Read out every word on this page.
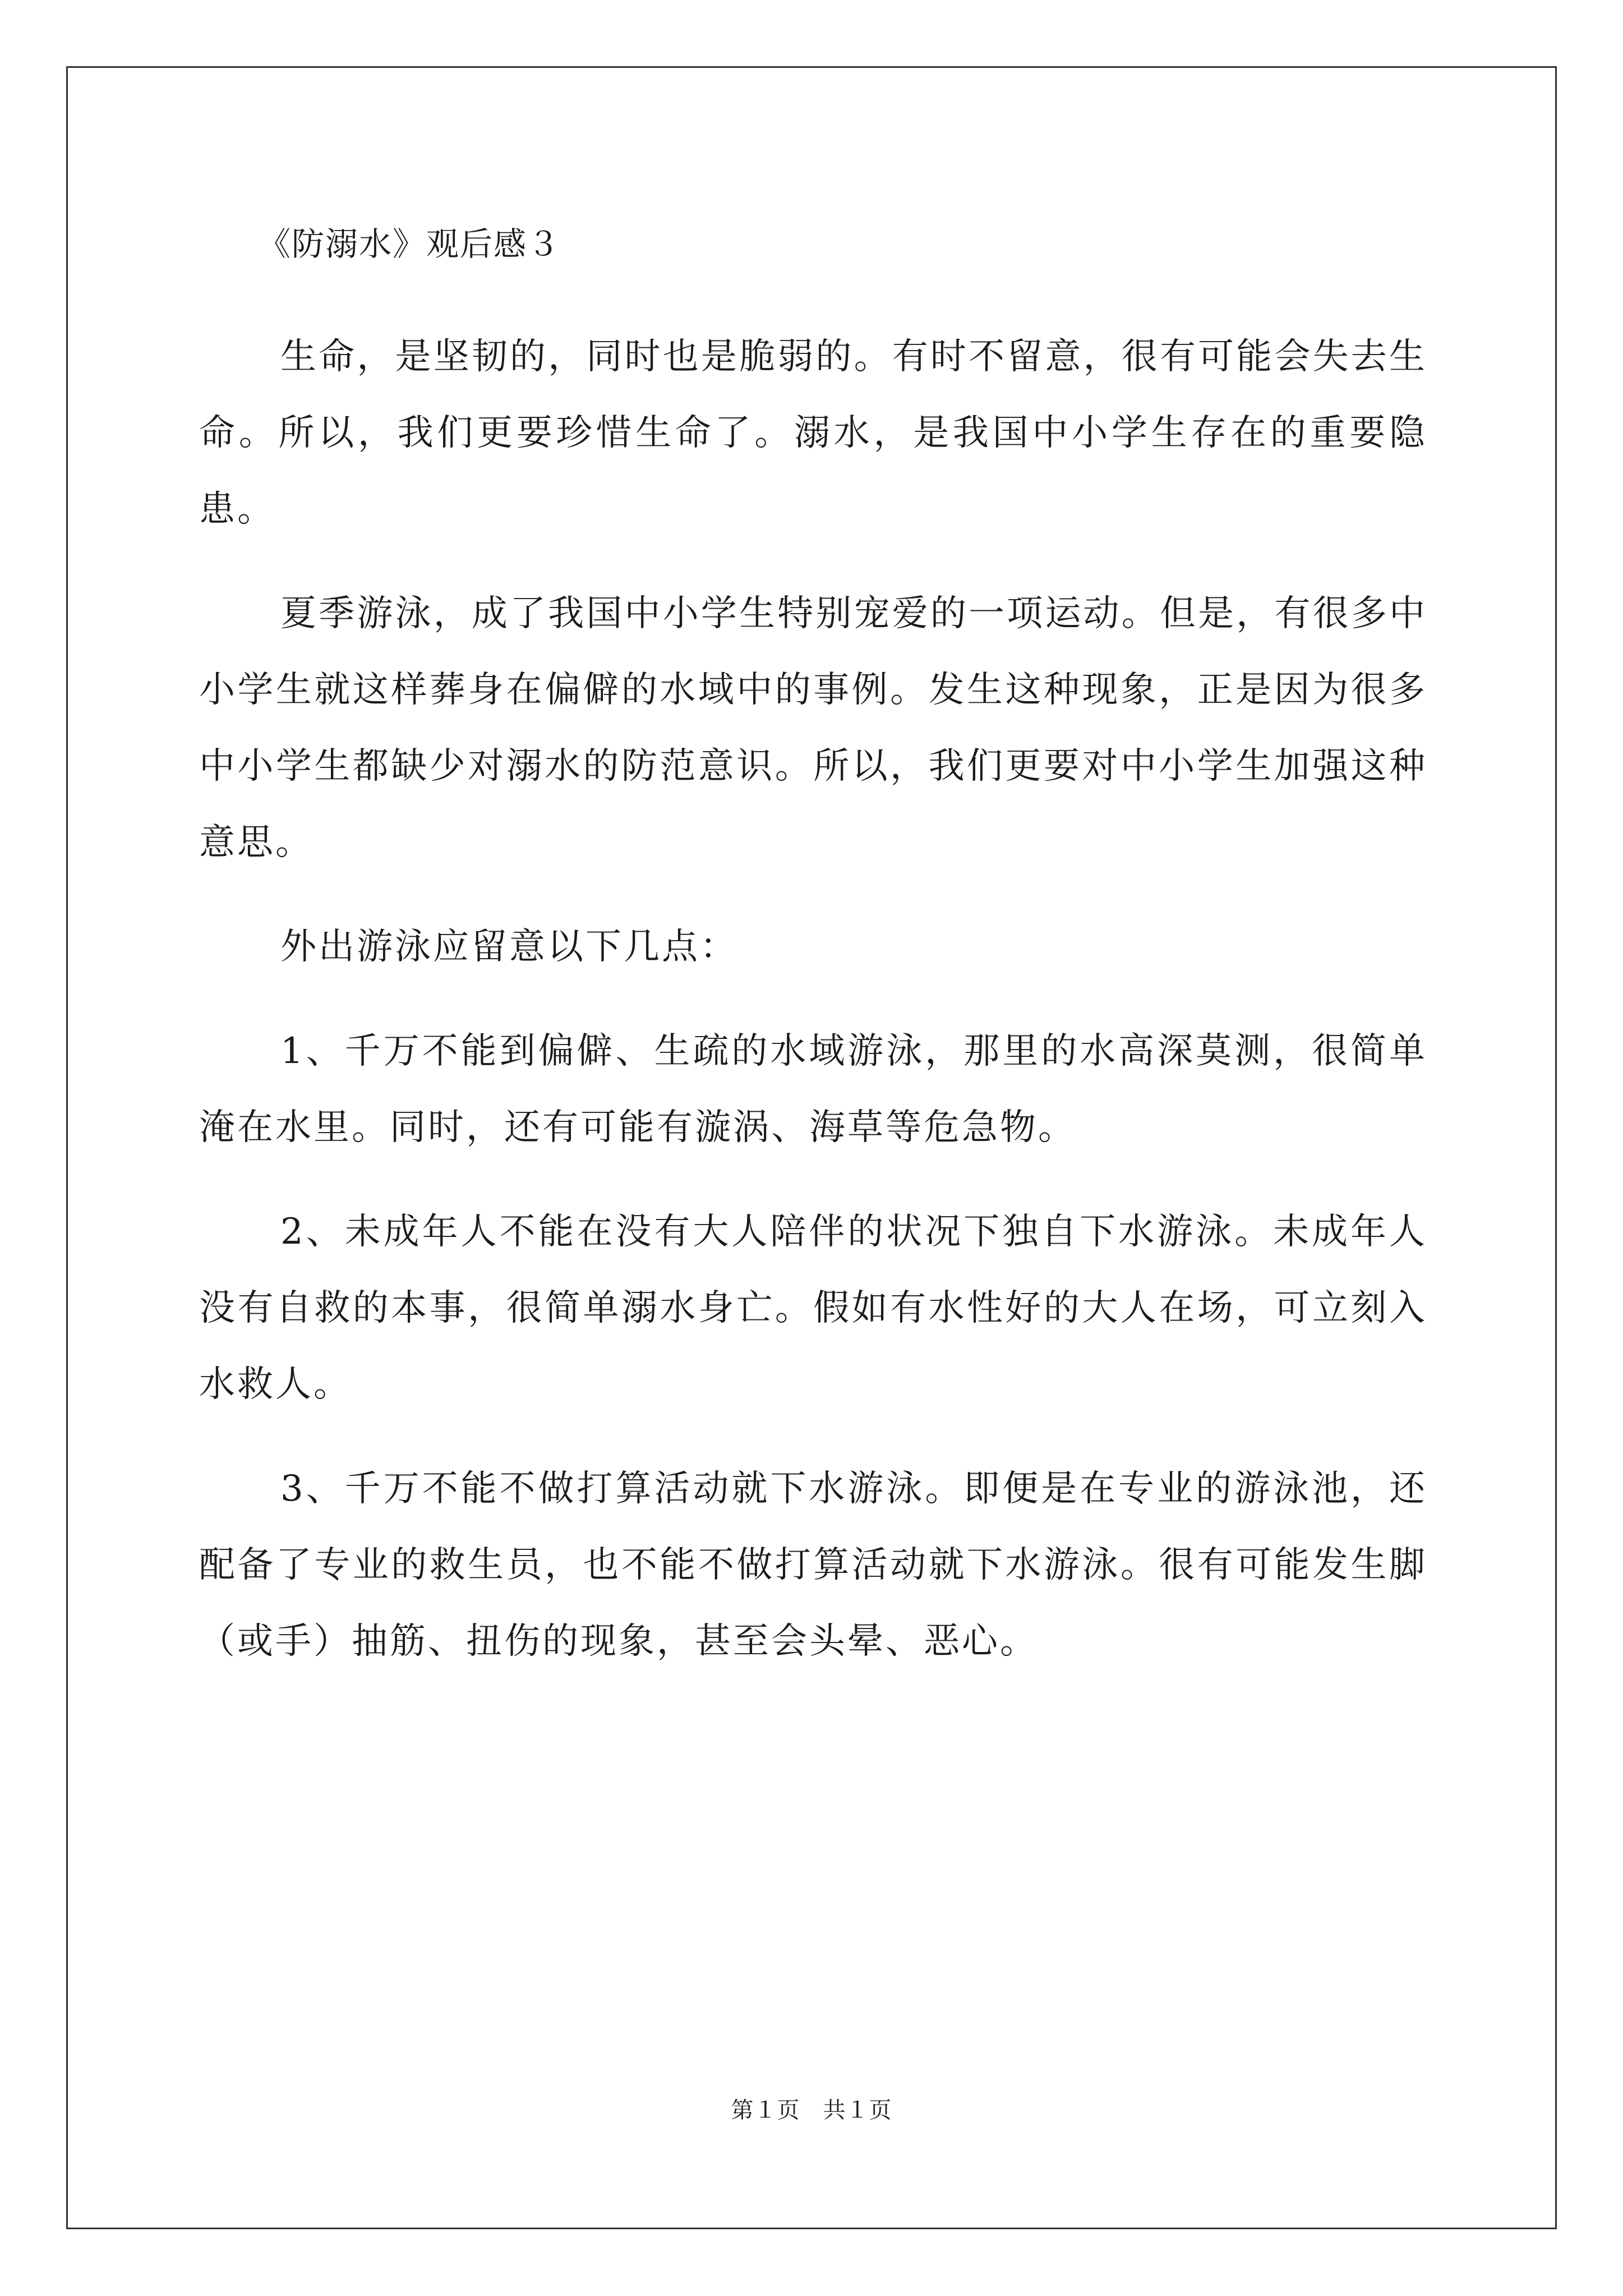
《防溺水》观后感３

生命，是坚韧的，同时也是脆弱的。有时不留意，很有可能会失去生命。所以，我们更要珍惜生命了。溺水，是我国中小学生存在的重要隐患。

夏季游泳，成了我国中小学生特别宠爱的一项运动。但是，有很多中小学生就这样葬身在偏僻的水域中的事例。发生这种现象，正是因为很多中小学生都缺少对溺水的防范意识。所以，我们更要对中小学生加强这种意思。

外出游泳应留意以下几点：

1、千万不能到偏僻、生疏的水域游泳，那里的水高深莫测，很简单淹在水里。同时，还有可能有漩涡、海草等危急物。

2、未成年人不能在没有大人陪伴的状况下独自下水游泳。未成年人没有自救的本事，很简单溺水身亡。假如有水性好的大人在场，可立刻入水救人。

3、千万不能不做打算活动就下水游泳。即便是在专业的游泳池，还配备了专业的救生员，也不能不做打算活动就下水游泳。很有可能发生脚（或手）抽筋、扭伤的现象，甚至会头晕、恶心。

第１页　共１页
